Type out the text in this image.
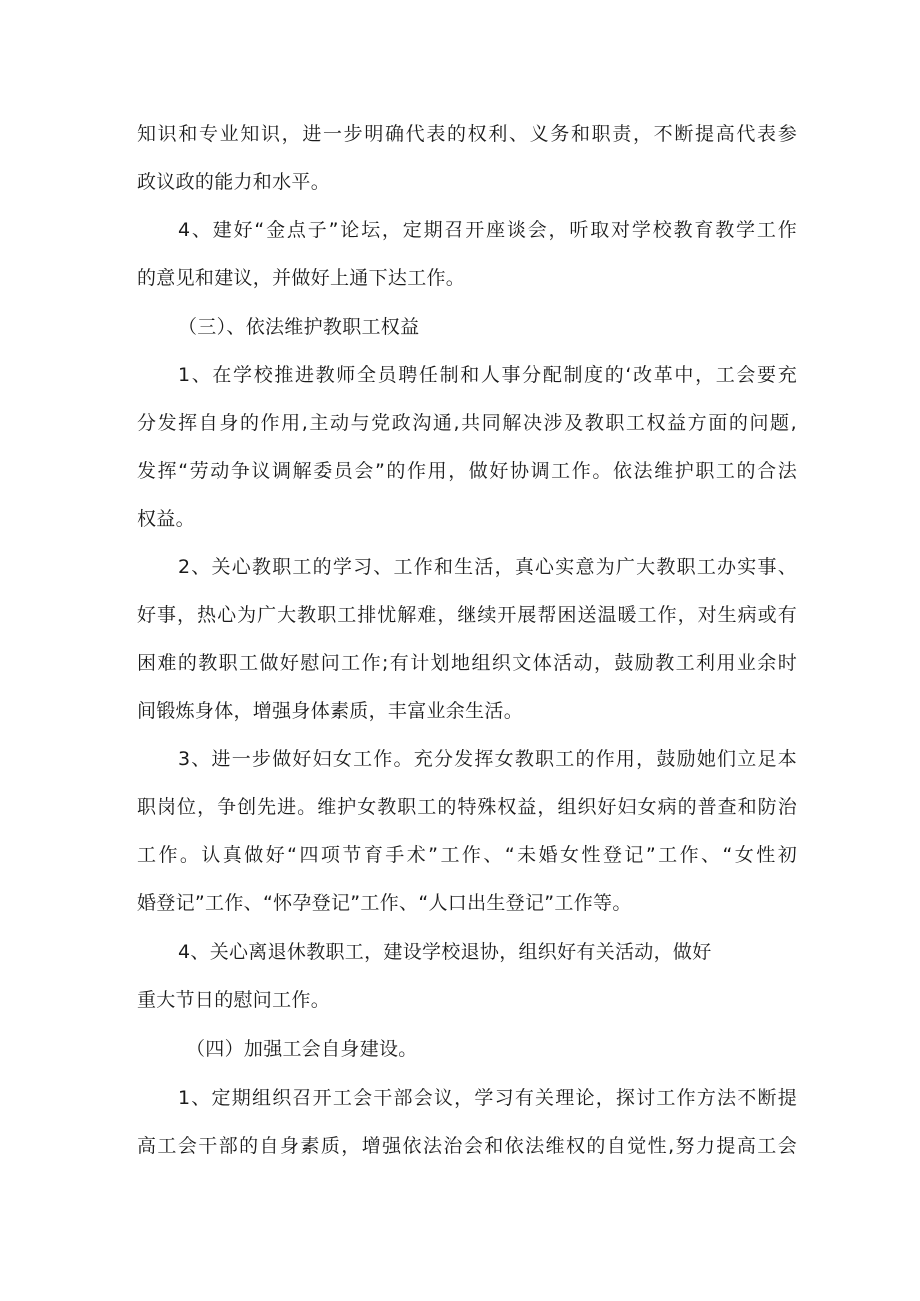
知识和专业知识，进一步明确代表的权利、义务和职责，不断提高代表参
政议政的能力和水平。
4、建好“金点子”论坛，定期召开座谈会，听取对学校教育教学工作
的意见和建议，并做好上通下达工作。
（三）、依法维护教职工权益
1、在学校推进教师全员聘任制和人事分配制度的‘改革中，工会要充
分发挥自身的作用,主动与党政沟通,共同解决涉及教职工权益方面的问题,
发挥“劳动争议调解委员会”的作用，做好协调工作。依法维护职工的合法
权益。
2、关心教职工的学习、工作和生活，真心实意为广大教职工办实事、
好事，热心为广大教职工排忧解难，继续开展帮困送温暖工作，对生病或有
困难的教职工做好慰问工作;有计划地组织文体活动，鼓励教工利用业余时
间锻炼身体，增强身体素质，丰富业余生活。
3、进一步做好妇女工作。充分发挥女教职工的作用，鼓励她们立足本
职岗位，争创先进。维护女教职工的特殊权益，组织好妇女病的普查和防治
工作。认真做好“四项节育手术”工作、“未婚女性登记”工作、“女性初
婚登记”工作、“怀孕登记”工作、“人口出生登记”工作等。
4、关心离退休教职工，建设学校退协，组织好有关活动，做好
重大节日的慰问工作。
（四）加强工会自身建设。
1、定期组织召开工会干部会议，学习有关理论，探讨工作方法不断提
高工会干部的自身素质，增强依法治会和依法维权的自觉性,努力提高工会
